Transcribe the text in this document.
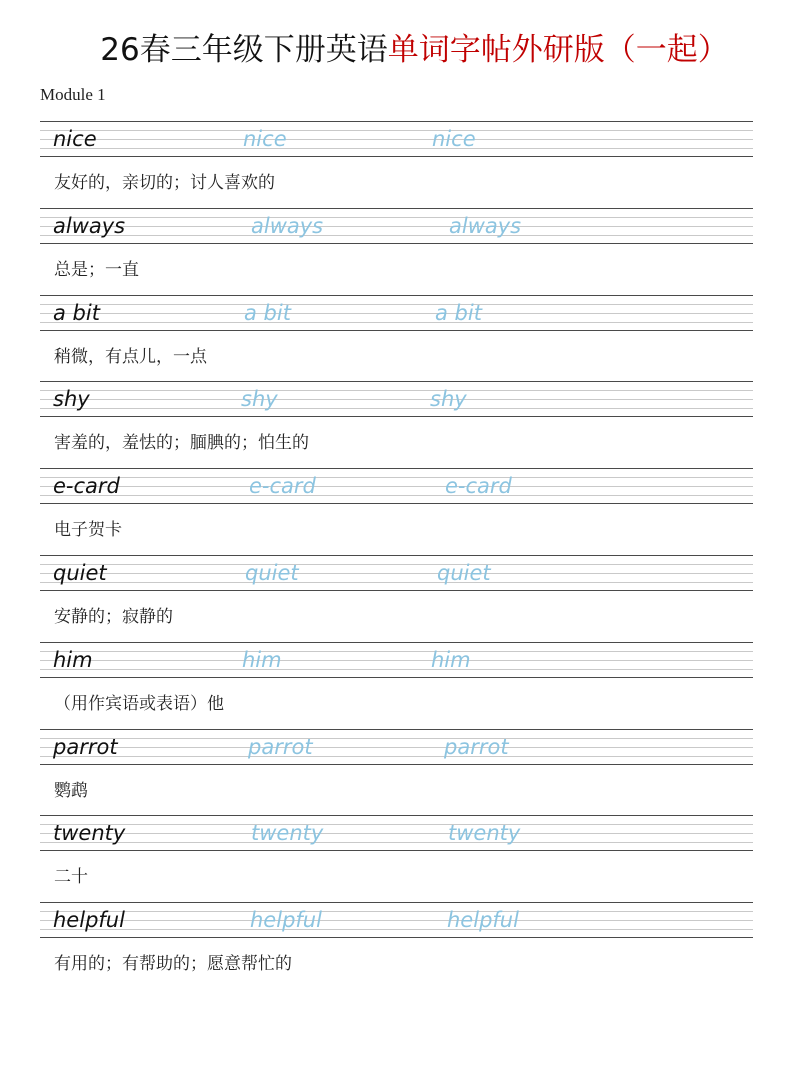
26春三年级下册英语单词字帖外研版（一起）
Module 1
nice	nice	nice
友好的，亲切的；讨人喜欢的
always	always	always
总是；一直
a bit	a bit	a bit
稍微，有点儿，一点
shy	shy	shy
害羞的，羞怯的；腼腆的；怕生的
e-card	e-card	e-card
电子贺卡
quiet	quiet	quiet
安静的；寂静的
him	him	him
（用作宾语或表语）他
parrot	parrot	parrot
鹦鹉
twenty	twenty	twenty
二十
helpful	helpful	helpful
有用的；有帮助的；愿意帮忙的
